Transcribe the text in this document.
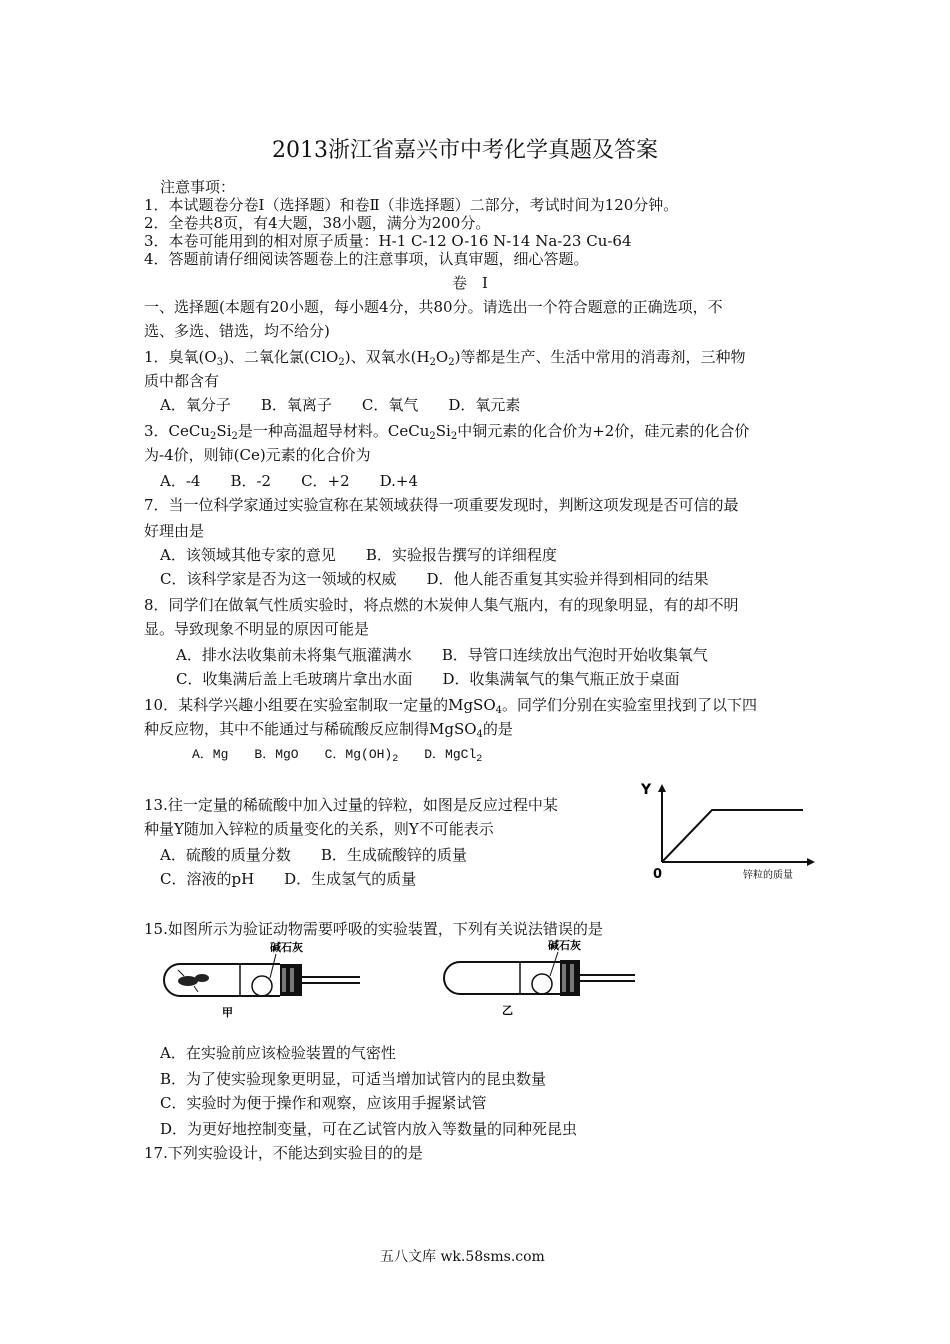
2013浙江省嘉兴市中考化学真题及答案
注意事项：
1．本试题卷分卷Ⅰ（选择题）和卷Ⅱ（非选择题）二部分，考试时间为120分钟。
2．全卷共8页，有4大题，38小题，满分为200分。
3．本卷可能用到的相对原子质量：H-1 C-12 O-16 N-14 Na-23 Cu-64
4．答题前请仔细阅读答题卷上的注意事项，认真审题，细心答题。
卷　Ⅰ
一、选择题(本题有20小题，每小题4分，共80分。请选出一个符合题意的正确选项，不
选、多选、错选，均不给分)
1．臭氧$(O_3)$、二氧化氯(ClO$_2$)、双氧水$(H_2O_2)$等都是生产、生活中常用的消毒剂，三种物
质中都含有
A．氧分子　　B．氧离子　　C．氧气　　D．氧元素
3．$CeCu_2Si_2$是一种高温超导材料。$CeCu_2Si_2$中铜元素的化合价为+2价，硅元素的化合价
为-4价，则铈(Ce)元素的化合价为
A．-4　　B．-2　　C．+2　　D.+4
7．当一位科学家通过实验宣称在某领域获得一项重要发现时，判断这项发现是否可信的最
好理由是
A．该领域其他专家的意见　　B．实验报告撰写的详细程度
C．该科学家是否为这一领域的权威　　D．他人能否重复其实验并得到相同的结果
8．同学们在做氧气性质实验时，将点燃的木炭伸人集气瓶内，有的现象明显，有的却不明
显。导致现象不明显的原因可能是
A．排水法收集前未将集气瓶灌满水　　B．导管口连续放出气泡时开始收集氧气
C．收集满后盖上毛玻璃片拿出水面　　D．收集满氧气的集气瓶正放于桌面
10．某科学兴趣小组要在实验室制取一定量的MgSO$_4$。同学们分别在实验室里找到了以下四
种反应物，其中不能通过与稀硫酸反应制得MgSO$_4$的是
A．Mg　　B．MgO　　C．$Mg(OH)_2$　　D．MgCl$_2$
13.往一定量的稀硫酸中加入过量的锌粒，如图是反应过程中某
种量Y随加入锌粒的质量变化的关系，则Y不可能表示
A．硫酸的质量分数　　B．生成硫酸锌的质量
C．溶液的pH　　D．生成氢气的质量
Y
0	锌粒的质量
15.如图所示为验证动物需要呼吸的实验装置，下列有关说法错误的是
碱石灰
甲
碱石灰
乙
A．在实验前应该检验装置的气密性
B．为了使实验现象更明显，可适当增加试管内的昆虫数量
C．实验时为便于操作和观察，应该用手握紧试管
D．为更好地控制变量，可在乙试管内放入等数量的同种死昆虫
17.下列实验设计，不能达到实验目的的是
五八文库 wk.58sms.com
